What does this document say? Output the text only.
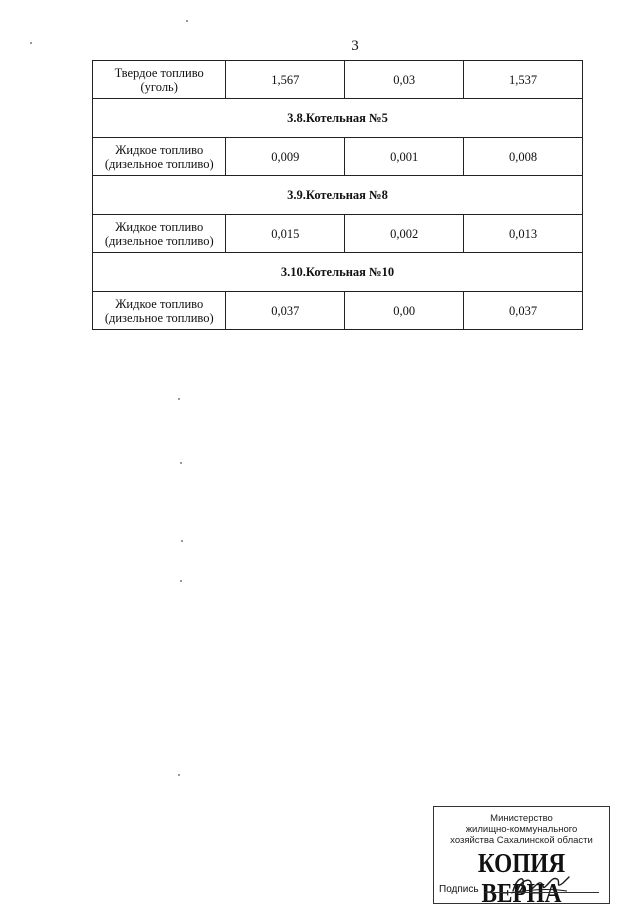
3
Твердое топливо
(уголь)	1,567	0,03	1,537
3.8.Котельная №5			
Жидкое топливо
(дизельное топливо)	0,009	0,001	0,008
3.9.Котельная №8			
Жидкое топливо
(дизельное топливо)	0,015	0,002	0,013
3.10.Котельная №10			
Жидкое топливо
(дизельное топливо)	0,037	0,00	0,037
Министерство
жилищно-коммунального
хозяйства Сахалинской области
КОПИЯ ВЕРНА
Подпись
